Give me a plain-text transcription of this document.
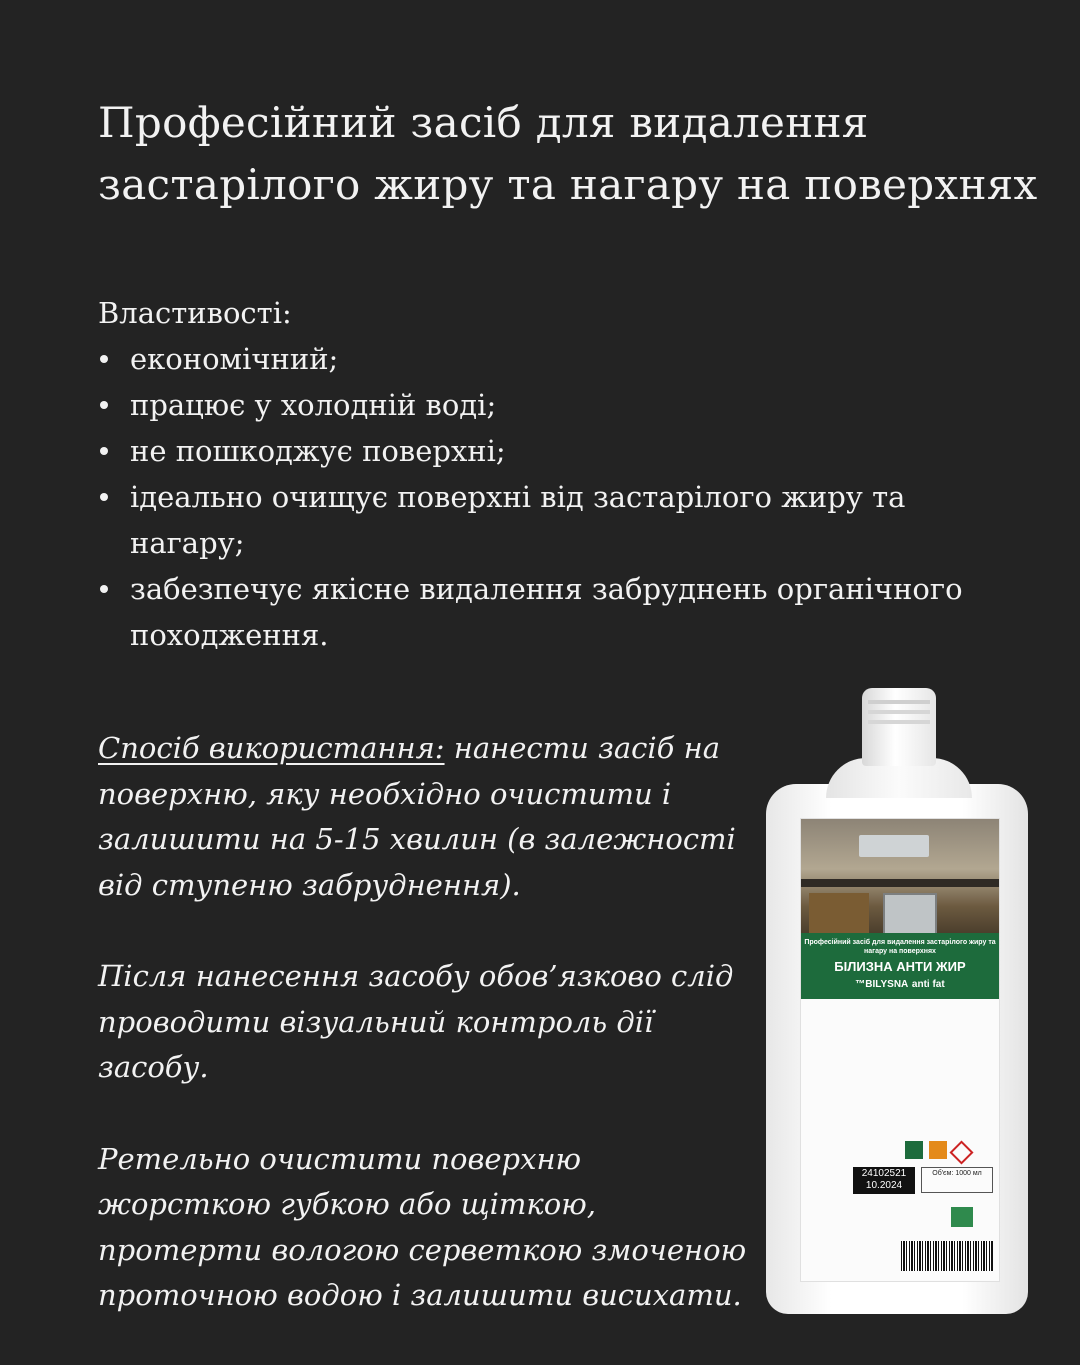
Професійний засіб для видалення
застарілого жиру та нагару на поверхнях
Властивості:
економічний;
працює у холодній воді;
не пошкоджує поверхні;
ідеально очищує поверхні від застарілого жиру та нагару;
забезпечує якісне видалення забруднень органічного походження.

Спосіб використання: нанести засіб на поверхню, яку необхідно очистити і залишити на 5-15 хвилин (в залежності від ступеню забруднення).

Після нанесення засобу обов’язково слід проводити візуальний контроль дії засобу.

Ретельно очистити поверхню жорсткою губкою або щіткою, протерти вологою серветкою змоченою проточною водою і залишити висихати.

Професійний засіб для видалення застарілого жиру та нагару на поверхнях
БІЛИЗНА АНТИ ЖИР
™BILYSNA anti fat
24102521
10.2024
Об'єм: 1000 мл
